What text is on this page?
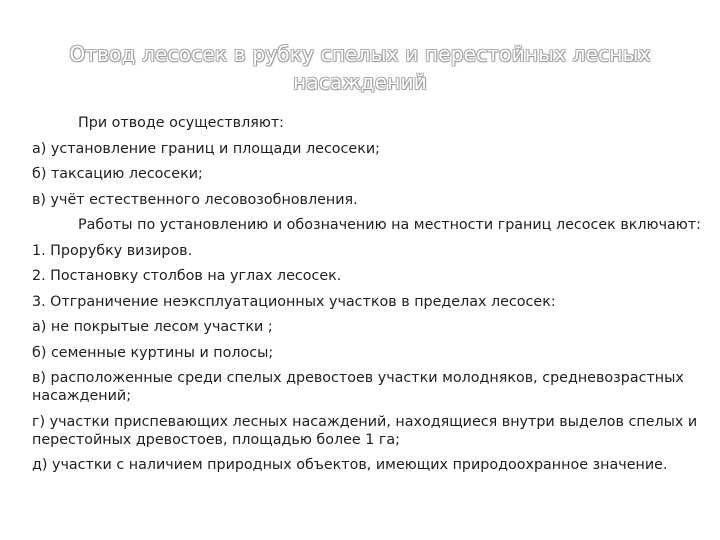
Отвод лесосек в рубку спелых и перестойных лесных
насаждений

При отводе осуществляют:

а) установление границ и площади лесосеки;

б) таксацию лесосеки;

в) учёт естественного лесовозобновления.

Работы по установлению и обозначению на местности границ лесосек включают:

1. Прорубку визиров.

2. Постановку столбов на углах лесосек.

3. Отграничение неэксплуатационных участков в пределах лесосек:

а) не покрытые лесом участки ;

б) семенные куртины и полосы;

в) расположенные среди спелых древостоев участки молодняков, средневозрастных насаждений;

г) участки приспевающих лесных насаждений, находящиеся внутри выделов спелых и перестойных древостоев, площадью более 1 га;

д) участки с наличием природных объектов, имеющих природоохранное значение.
